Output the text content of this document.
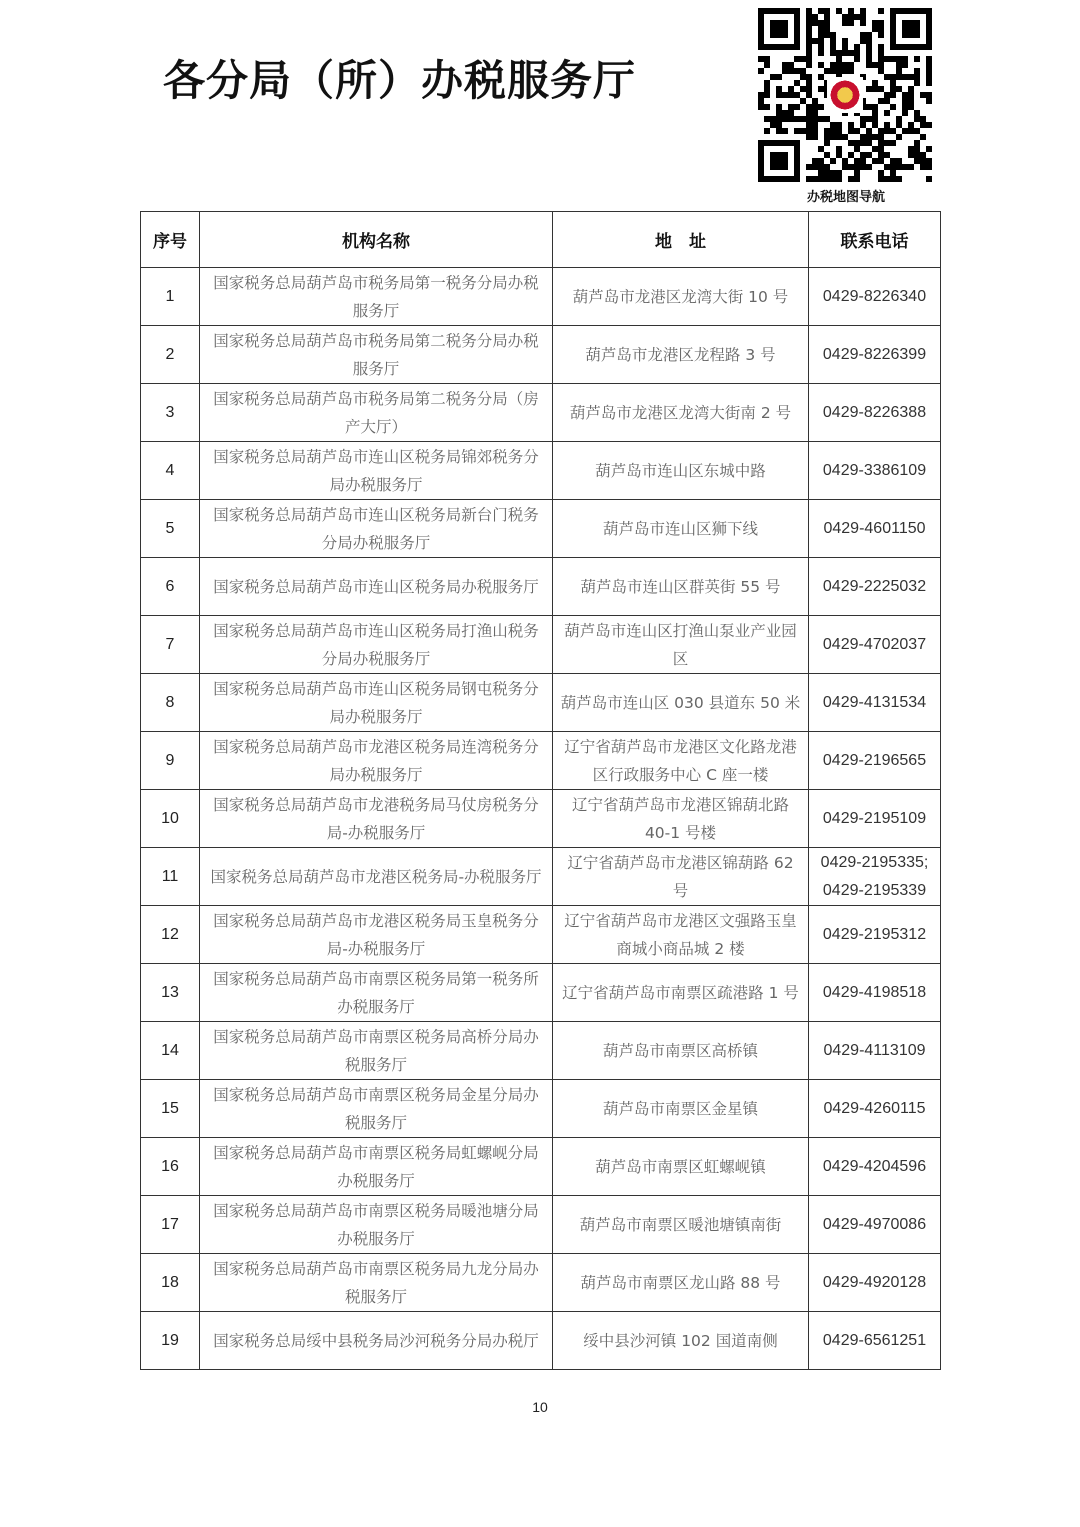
各分局（所）办税服务厅
办税地图导航
序号	机构名称	地　址	联系电话
1	国家税务总局葫芦岛市税务局第一税务分局办税服务厅	葫芦岛市龙港区龙湾大街 10 号	0429-8226340
2	国家税务总局葫芦岛市税务局第二税务分局办税服务厅	葫芦岛市龙港区龙程路 3 号	0429-8226399
3	国家税务总局葫芦岛市税务局第二税务分局（房产大厅）	葫芦岛市龙港区龙湾大街南 2 号	0429-8226388
4	国家税务总局葫芦岛市连山区税务局锦郊税务分局办税服务厅	葫芦岛市连山区东城中路	0429-3386109
5	国家税务总局葫芦岛市连山区税务局新台门税务分局办税服务厅	葫芦岛市连山区狮下线	0429-4601150
6	国家税务总局葫芦岛市连山区税务局办税服务厅	葫芦岛市连山区群英街 55 号	0429-2225032
7	国家税务总局葫芦岛市连山区税务局打渔山税务分局办税服务厅	葫芦岛市连山区打渔山泵业产业园区	0429-4702037
8	国家税务总局葫芦岛市连山区税务局钢屯税务分局办税服务厅	葫芦岛市连山区 030 县道东 50 米	0429-4131534
9	国家税务总局葫芦岛市龙港区税务局连湾税务分局办税服务厅	辽宁省葫芦岛市龙港区文化路龙港区行政服务中心 C 座一楼	0429-2196565
10	国家税务总局葫芦岛市龙港税务局马仗房税务分局-办税服务厅	辽宁省葫芦岛市龙港区锦葫北路 40-1 号楼	0429-2195109
11	国家税务总局葫芦岛市龙港区税务局-办税服务厅	辽宁省葫芦岛市龙港区锦葫路 62 号	0429-2195335; 0429-2195339
12	国家税务总局葫芦岛市龙港区税务局玉皇税务分局-办税服务厅	辽宁省葫芦岛市龙港区文强路玉皇商城小商品城 2 楼	0429-2195312
13	国家税务总局葫芦岛市南票区税务局第一税务所办税服务厅	辽宁省葫芦岛市南票区疏港路 1 号	0429-4198518
14	国家税务总局葫芦岛市南票区税务局高桥分局办税服务厅	葫芦岛市南票区高桥镇	0429-4113109
15	国家税务总局葫芦岛市南票区税务局金星分局办税服务厅	葫芦岛市南票区金星镇	0429-4260115
16	国家税务总局葫芦岛市南票区税务局虹螺岘分局办税服务厅	葫芦岛市南票区虹螺岘镇	0429-4204596
17	国家税务总局葫芦岛市南票区税务局暖池塘分局办税服务厅	葫芦岛市南票区暖池塘镇南街	0429-4970086
18	国家税务总局葫芦岛市南票区税务局九龙分局办税服务厅	葫芦岛市南票区龙山路 88 号	0429-4920128
19	国家税务总局绥中县税务局沙河税务分局办税厅	绥中县沙河镇 102 国道南侧	0429-6561251
10
